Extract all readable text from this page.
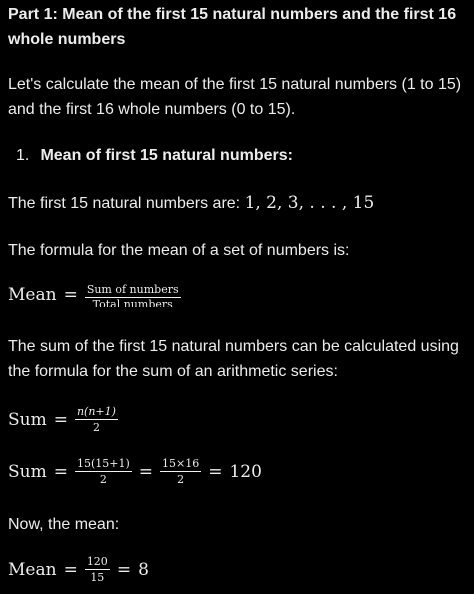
Part 1: Mean of the first 15 natural numbers and the first 16 whole numbers
Let's calculate the mean of the first 15 natural numbers (1 to 15) and the first 16 whole numbers (0 to 15).
1. Mean of first 15 natural numbers:
The first 15 natural numbers are: 1, 2, 3, . . . , 15
The formula for the mean of a set of numbers is:
Mean = $\frac{\text{Sum of numbers}}{\text{Total numbers}}$
The sum of the first 15 natural numbers can be calculated using the formula for the sum of an arithmetic series:
Sum = $\frac{n(n+1)}{2}$
Sum = $\frac{15(15+1)}{2} = \frac{15\times 16}{2} = 120$
Now, the mean:
Mean = $\frac{120}{15} = 8$
